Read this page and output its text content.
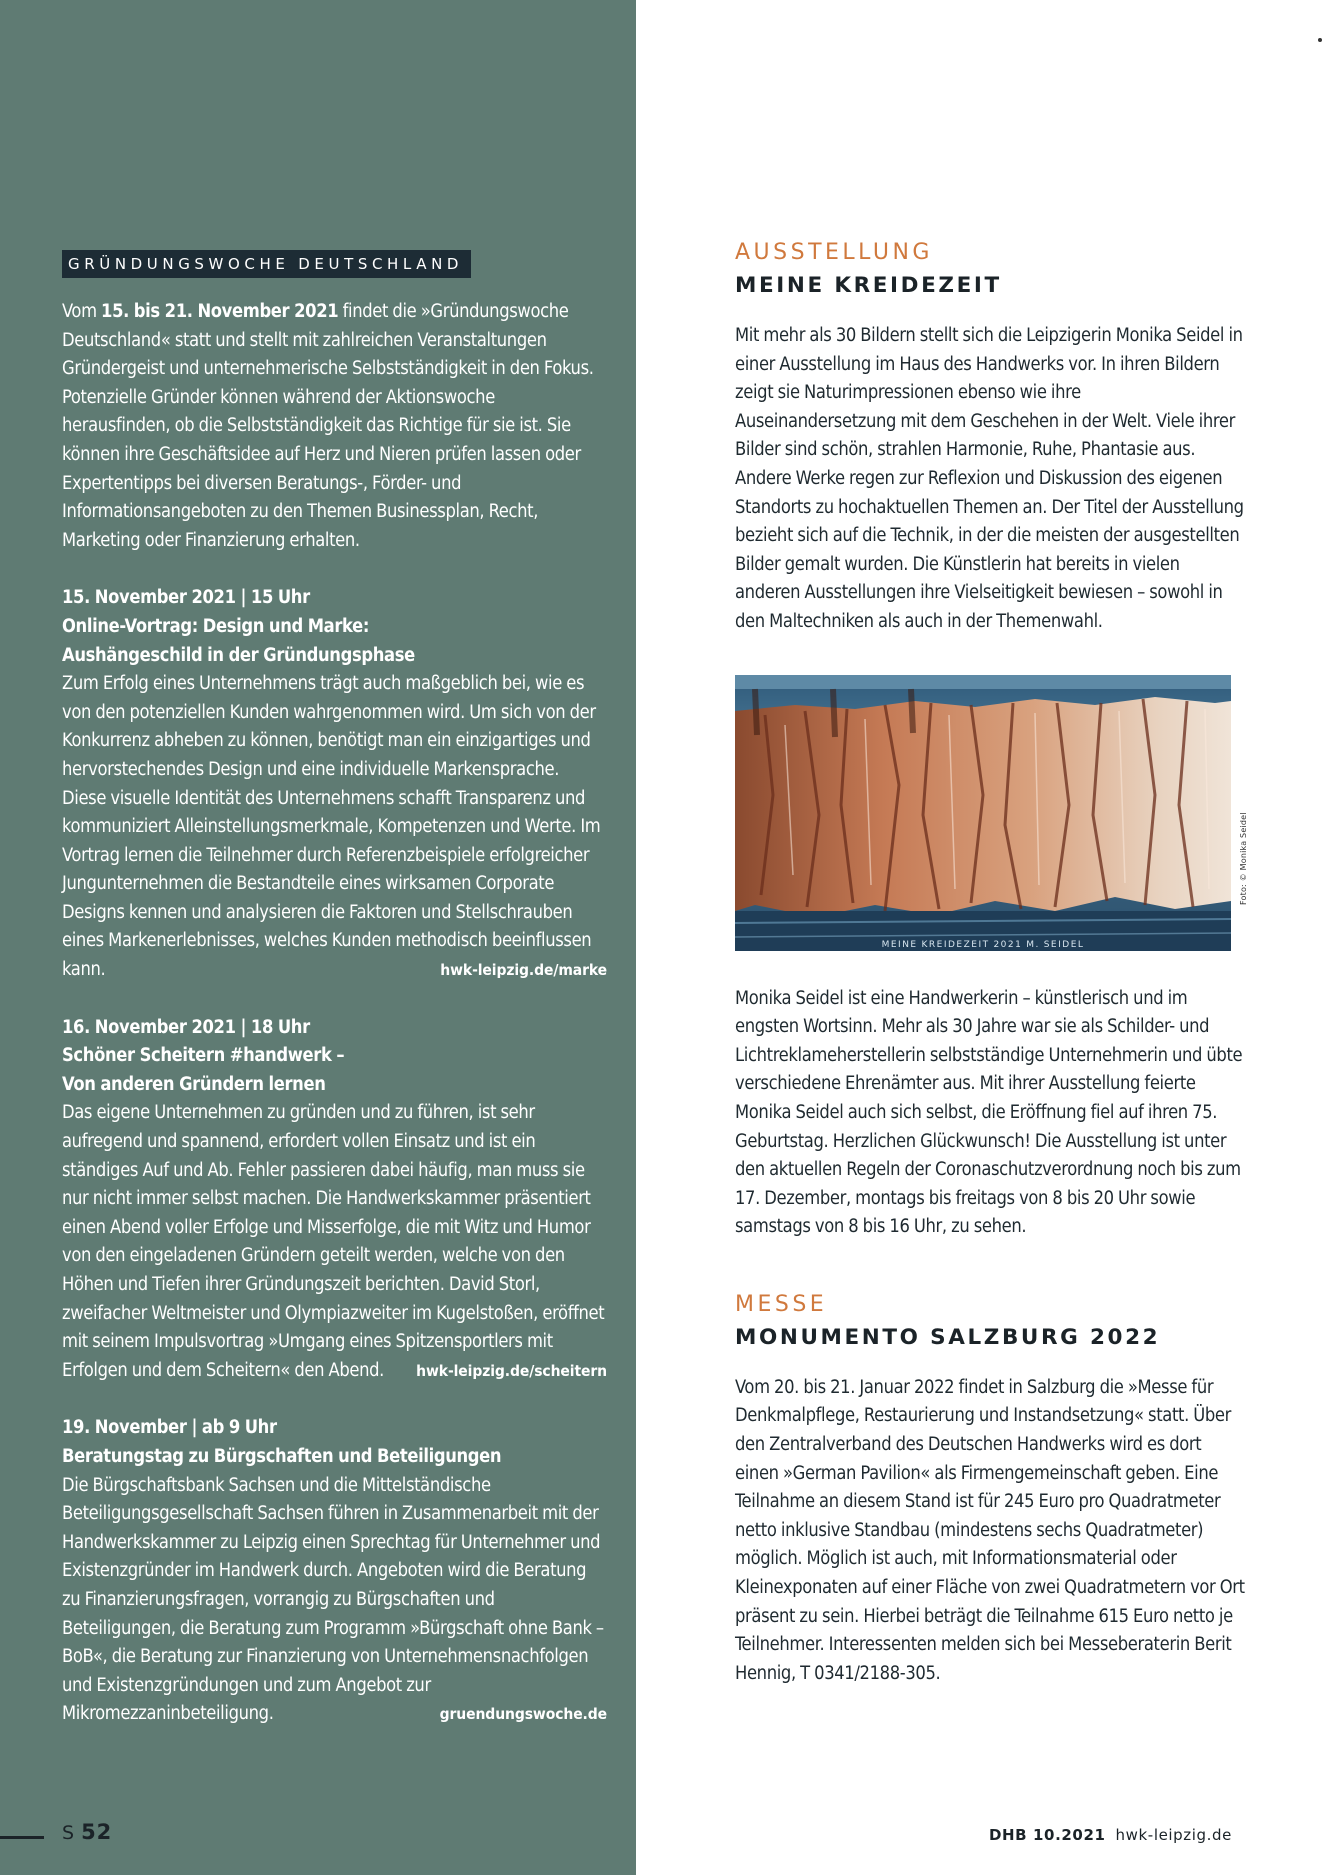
GRÜNDUNGSWOCHE DEUTSCHLAND

Vom 15. bis 21. November 2021 findet die »Gründungswoche Deutschland« statt und stellt mit zahlreichen Veranstaltungen Gründergeist und unternehmerische Selbstständigkeit in den Fokus. Potenzielle Gründer können während der Aktionswoche herausfinden, ob die Selbstständigkeit das Richtige für sie ist. Sie können ihre Geschäftsidee auf Herz und Nieren prüfen lassen oder Expertentipps bei diversen Beratungs-, Förder- und Informationsangeboten zu den Themen Businessplan, Recht, Marketing oder Finanzierung erhalten.

15. November 2021 | 15 Uhr
Online-Vortrag: Design und Marke:
Aushängeschild in der Gründungsphase

Zum Erfolg eines Unternehmens trägt auch maßgeblich bei, wie es von den potenziellen Kunden wahrgenommen wird. Um sich von der Konkurrenz abheben zu können, benötigt man ein einzigartiges und hervorstechendes Design und eine individuelle Markensprache. Diese visuelle Identität des Unternehmens schafft Transparenz und kommuniziert Alleinstellungsmerkmale, Kompetenzen und Werte. Im Vortrag lernen die Teilnehmer durch Referenzbeispiele erfolgreicher Jungunternehmen die Bestandteile eines wirksamen Corporate Designs kennen und analysieren die Faktoren und Stellschrauben eines Markenerlebnisses, welches Kunden methodisch beeinflussen kann.	hwk-leipzig.de/marke

16. November 2021 | 18 Uhr
Schöner Scheitern #handwerk –
Von anderen Gründern lernen

Das eigene Unternehmen zu gründen und zu führen, ist sehr aufregend und spannend, erfordert vollen Einsatz und ist ein ständiges Auf und Ab. Fehler passieren dabei häufig, man muss sie nur nicht immer selbst machen. Die Handwerkskammer präsentiert einen Abend voller Erfolge und Misserfolge, die mit Witz und Humor von den eingeladenen Gründern geteilt werden, welche von den Höhen und Tiefen ihrer Gründungszeit berichten. David Storl, zweifacher Weltmeister und Olympiazweiter im Kugelstoßen, eröffnet mit seinem Impulsvortrag »Umgang eines Spitzensportlers mit Erfolgen und dem Scheitern« den Abend. hwk-leipzig.de/scheitern

19. November | ab 9 Uhr
Beratungstag zu Bürgschaften und Beteiligungen

Die Bürgschaftsbank Sachsen und die Mittelständische Beteiligungsgesellschaft Sachsen führen in Zusammenarbeit mit der Handwerkskammer zu Leipzig einen Sprechtag für Unternehmer und Existenzgründer im Handwerk durch. Angeboten wird die Beratung zu Finanzierungsfragen, vorrangig zu Bürgschaften und Beteiligungen, die Beratung zum Programm »Bürgschaft ohne Bank – BoB«, die Beratung zur Finanzierung von Unternehmensnachfolgen und Existenzgründungen und zum Angebot zur Mikromezzaninbeteiligung.	gruendungswoche.de

AUSSTELLUNG
MEINE KREIDEZEIT

Mit mehr als 30 Bildern stellt sich die Leipzigerin Monika Seidel in einer Ausstellung im Haus des Handwerks vor. In ihren Bildern zeigt sie Naturimpressionen ebenso wie ihre Auseinandersetzung mit dem Geschehen in der Welt. Viele ihrer Bilder sind schön, strahlen Harmonie, Ruhe, Phantasie aus. Andere Werke regen zur Reflexion und Diskussion des eigenen Standorts zu hochaktuellen Themen an. Der Titel der Ausstellung bezieht sich auf die Technik, in der die meisten der ausgestellten Bilder gemalt wurden. Die Künstlerin hat bereits in vielen anderen Ausstellungen ihre Vielseitigkeit bewiesen – sowohl in den Maltechniken als auch in der Themenwahl.

MEINE KREIDEZEIT 2021 M. SEIDEL

Monika Seidel ist eine Handwerkerin – künstlerisch und im engsten Wortsinn. Mehr als 30 Jahre war sie als Schilder- und Lichtreklameherstellerin selbstständige Unternehmerin und übte verschiedene Ehrenämter aus. Mit ihrer Ausstellung feierte Monika Seidel auch sich selbst, die Eröffnung fiel auf ihren 75. Geburtstag. Herzlichen Glückwunsch! Die Ausstellung ist unter den aktuellen Regeln der Coronaschutzverordnung noch bis zum 17. Dezember, montags bis freitags von 8 bis 20 Uhr sowie samstags von 8 bis 16 Uhr, zu sehen.

MESSE
MONUMENTO SALZBURG 2022

Vom 20. bis 21. Januar 2022 findet in Salzburg die »Messe für Denkmalpflege, Restaurierung und Instandsetzung« statt. Über den Zentralverband des Deutschen Handwerks wird es dort einen »German Pavilion« als Firmengemeinschaft geben. Eine Teilnahme an diesem Stand ist für 245 Euro pro Quadratmeter netto inklusive Standbau (mindestens sechs Quadratmeter) möglich. Möglich ist auch, mit Informationsmaterial oder Kleinexponaten auf einer Fläche von zwei Quadratmetern vor Ort präsent zu sein. Hierbei beträgt die Teilnahme 615 Euro netto je Teilnehmer. Interessenten melden sich bei Messeberaterin Berit Hennig, T 0341/2188-305.

Foto: © Monika Seidel
S 52	DHB 10.2021 hwk-leipzig.de
